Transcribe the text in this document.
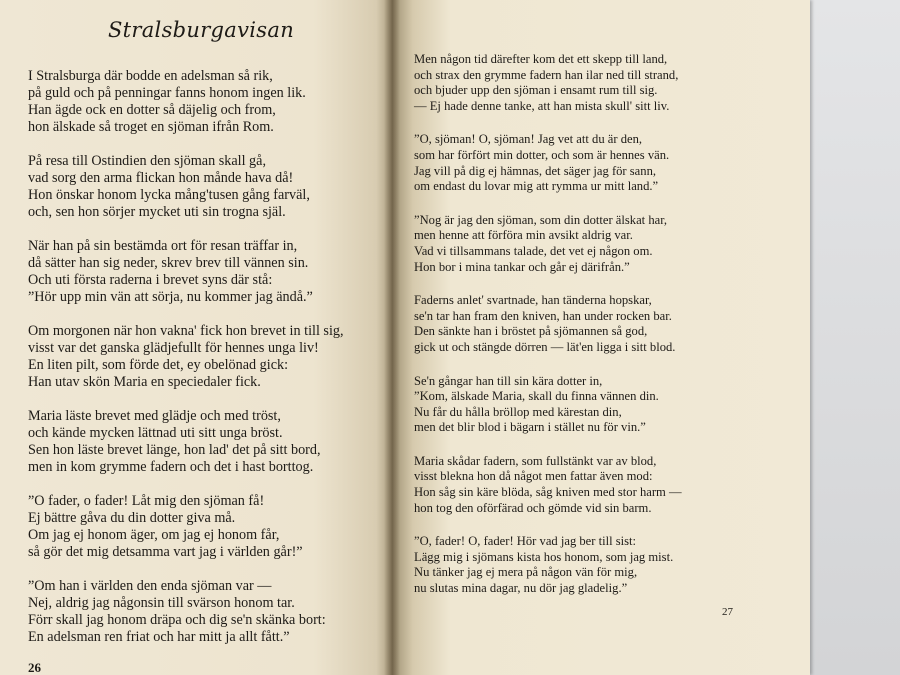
Stralsburgavisan
I Stralsburga där bodde en adelsman så rik,
på guld och på penningar fanns honom ingen lik.
Han ägde ock en dotter så däjelig och from,
hon älskade så troget en sjöman ifrån Rom.
På resa till Ostindien den sjöman skall gå,
vad sorg den arma flickan hon månde hava då!
Hon önskar honom lycka mång'tusen gång farväl,
och, sen hon sörjer mycket uti sin trogna själ.
När han på sin bestämda ort för resan träffar in,
då sätter han sig neder, skrev brev till vännen sin.
Och uti första raderna i brevet syns där stå:
”Hör upp min vän att sörja, nu kommer jag ändå.”
Om morgonen när hon vakna' fick hon brevet in till sig,
visst var det ganska glädjefullt för hennes unga liv!
En liten pilt, som förde det, ey obelönad gick:
Han utav skön Maria en speciedaler fick.
Maria läste brevet med glädje och med tröst,
och kände mycken lättnad uti sitt unga bröst.
Sen hon läste brevet länge, hon lad' det på sitt bord,
men in kom grymme fadern och det i hast borttog.
”O fader, o fader! Låt mig den sjöman få!
Ej bättre gåva du din dotter giva må.
Om jag ej honom äger, om jag ej honom får,
så gör det mig detsamma vart jag i världen går!”
”Om han i världen den enda sjöman var —
Nej, aldrig jag någonsin till svärson honom tar.
Förr skall jag honom dräpa och dig se'n skänka bort:
En adelsman ren friat och har mitt ja allt fått.”
26
Men någon tid därefter kom det ett skepp till land,
och strax den grymme fadern han ilar ned till strand,
och bjuder upp den sjöman i ensamt rum till sig.
— Ej hade denne tanke, att han mista skull' sitt liv.
”O, sjöman! O, sjöman! Jag vet att du är den,
som har förfört min dotter, och som är hennes vän.
Jag vill på dig ej hämnas, det säger jag för sann,
om endast du lovar mig att rymma ur mitt land.”
”Nog är jag den sjöman, som din dotter älskat har,
men henne att förföra min avsikt aldrig var.
Vad vi tillsammans talade, det vet ej någon om.
Hon bor i mina tankar och går ej därifrån.”
Faderns anlet' svartnade, han tänderna hopskar,
se'n tar han fram den kniven, han under rocken bar.
Den sänkte han i bröstet på sjömannen så god,
gick ut och stängde dörren — lät'en ligga i sitt blod.
Se'n gångar han till sin kära dotter in,
”Kom, älskade Maria, skall du finna vännen din.
Nu får du hålla bröllop med kärestan din,
men det blir blod i bägarn i stället nu för vin.”
Maria skådar fadern, som fullstänkt var av blod,
visst blekna hon då något men fattar även mod:
Hon såg sin käre blöda, såg kniven med stor harm —
hon tog den oförfärad och gömde vid sin barm.
”O, fader! O, fader! Hör vad jag ber till sist:
Lägg mig i sjömans kista hos honom, som jag mist.
Nu tänker jag ej mera på någon vän för mig,
nu slutas mina dagar, nu dör jag gladelig.”
27
